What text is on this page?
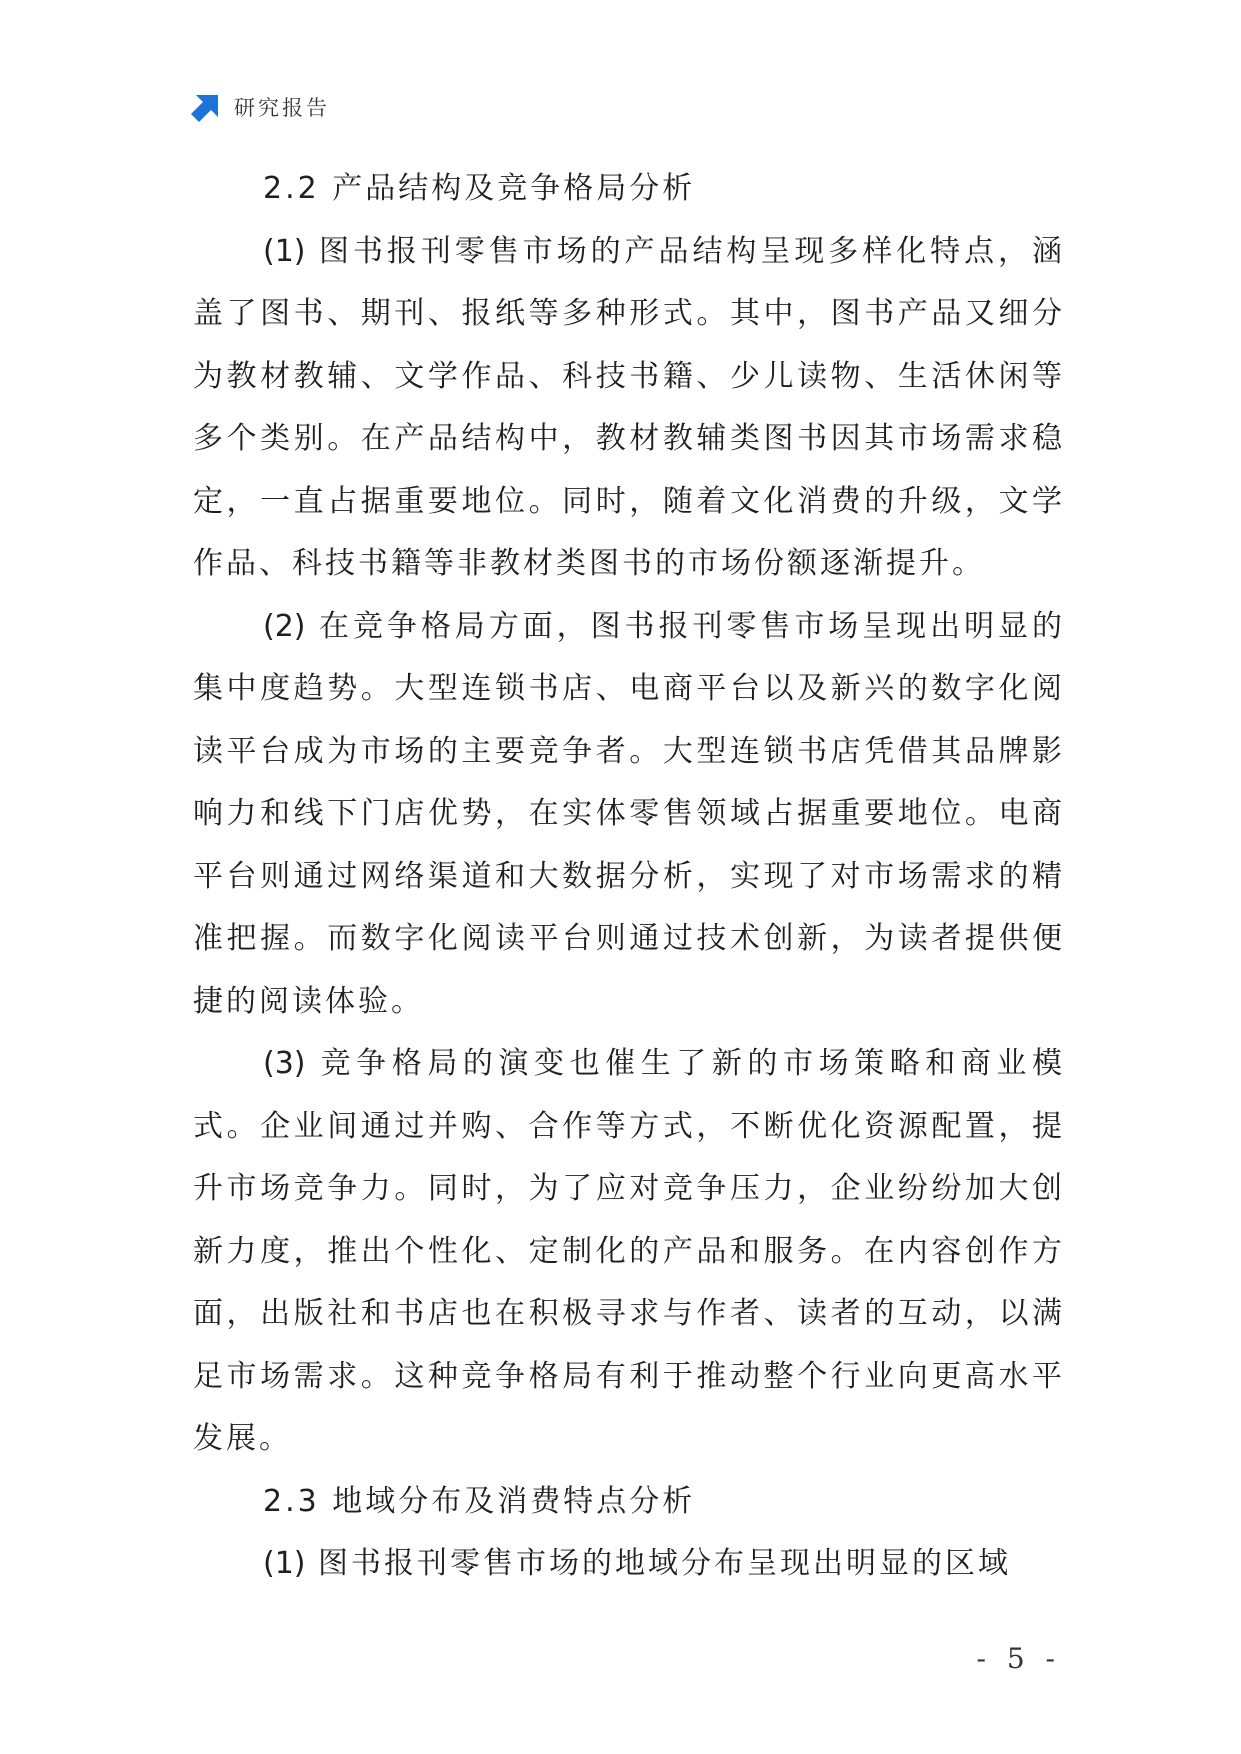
研究报告

2.2 产品结构及竞争格局分析

(1) 图书报刊零售市场的产品结构呈现多样化特点，涵盖了图书、期刊、报纸等多种形式。其中，图书产品又细分为教材教辅、文学作品、科技书籍、少儿读物、生活休闲等多个类别。在产品结构中，教材教辅类图书因其市场需求稳定，一直占据重要地位。同时，随着文化消费的升级，文学作品、科技书籍等非教材类图书的市场份额逐渐提升。

(2) 在竞争格局方面，图书报刊零售市场呈现出明显的集中度趋势。大型连锁书店、电商平台以及新兴的数字化阅读平台成为市场的主要竞争者。大型连锁书店凭借其品牌影响力和线下门店优势，在实体零售领域占据重要地位。电商平台则通过网络渠道和大数据分析，实现了对市场需求的精准把握。而数字化阅读平台则通过技术创新，为读者提供便捷的阅读体验。

(3) 竞争格局的演变也催生了新的市场策略和商业模式。企业间通过并购、合作等方式，不断优化资源配置，提升市场竞争力。同时，为了应对竞争压力，企业纷纷加大创新力度，推出个性化、定制化的产品和服务。在内容创作方面，出版社和书店也在积极寻求与作者、读者的互动，以满足市场需求。这种竞争格局有利于推动整个行业向更高水平发展。

2.3 地域分布及消费特点分析

(1) 图书报刊零售市场的地域分布呈现出明显的区域

- 5 -
